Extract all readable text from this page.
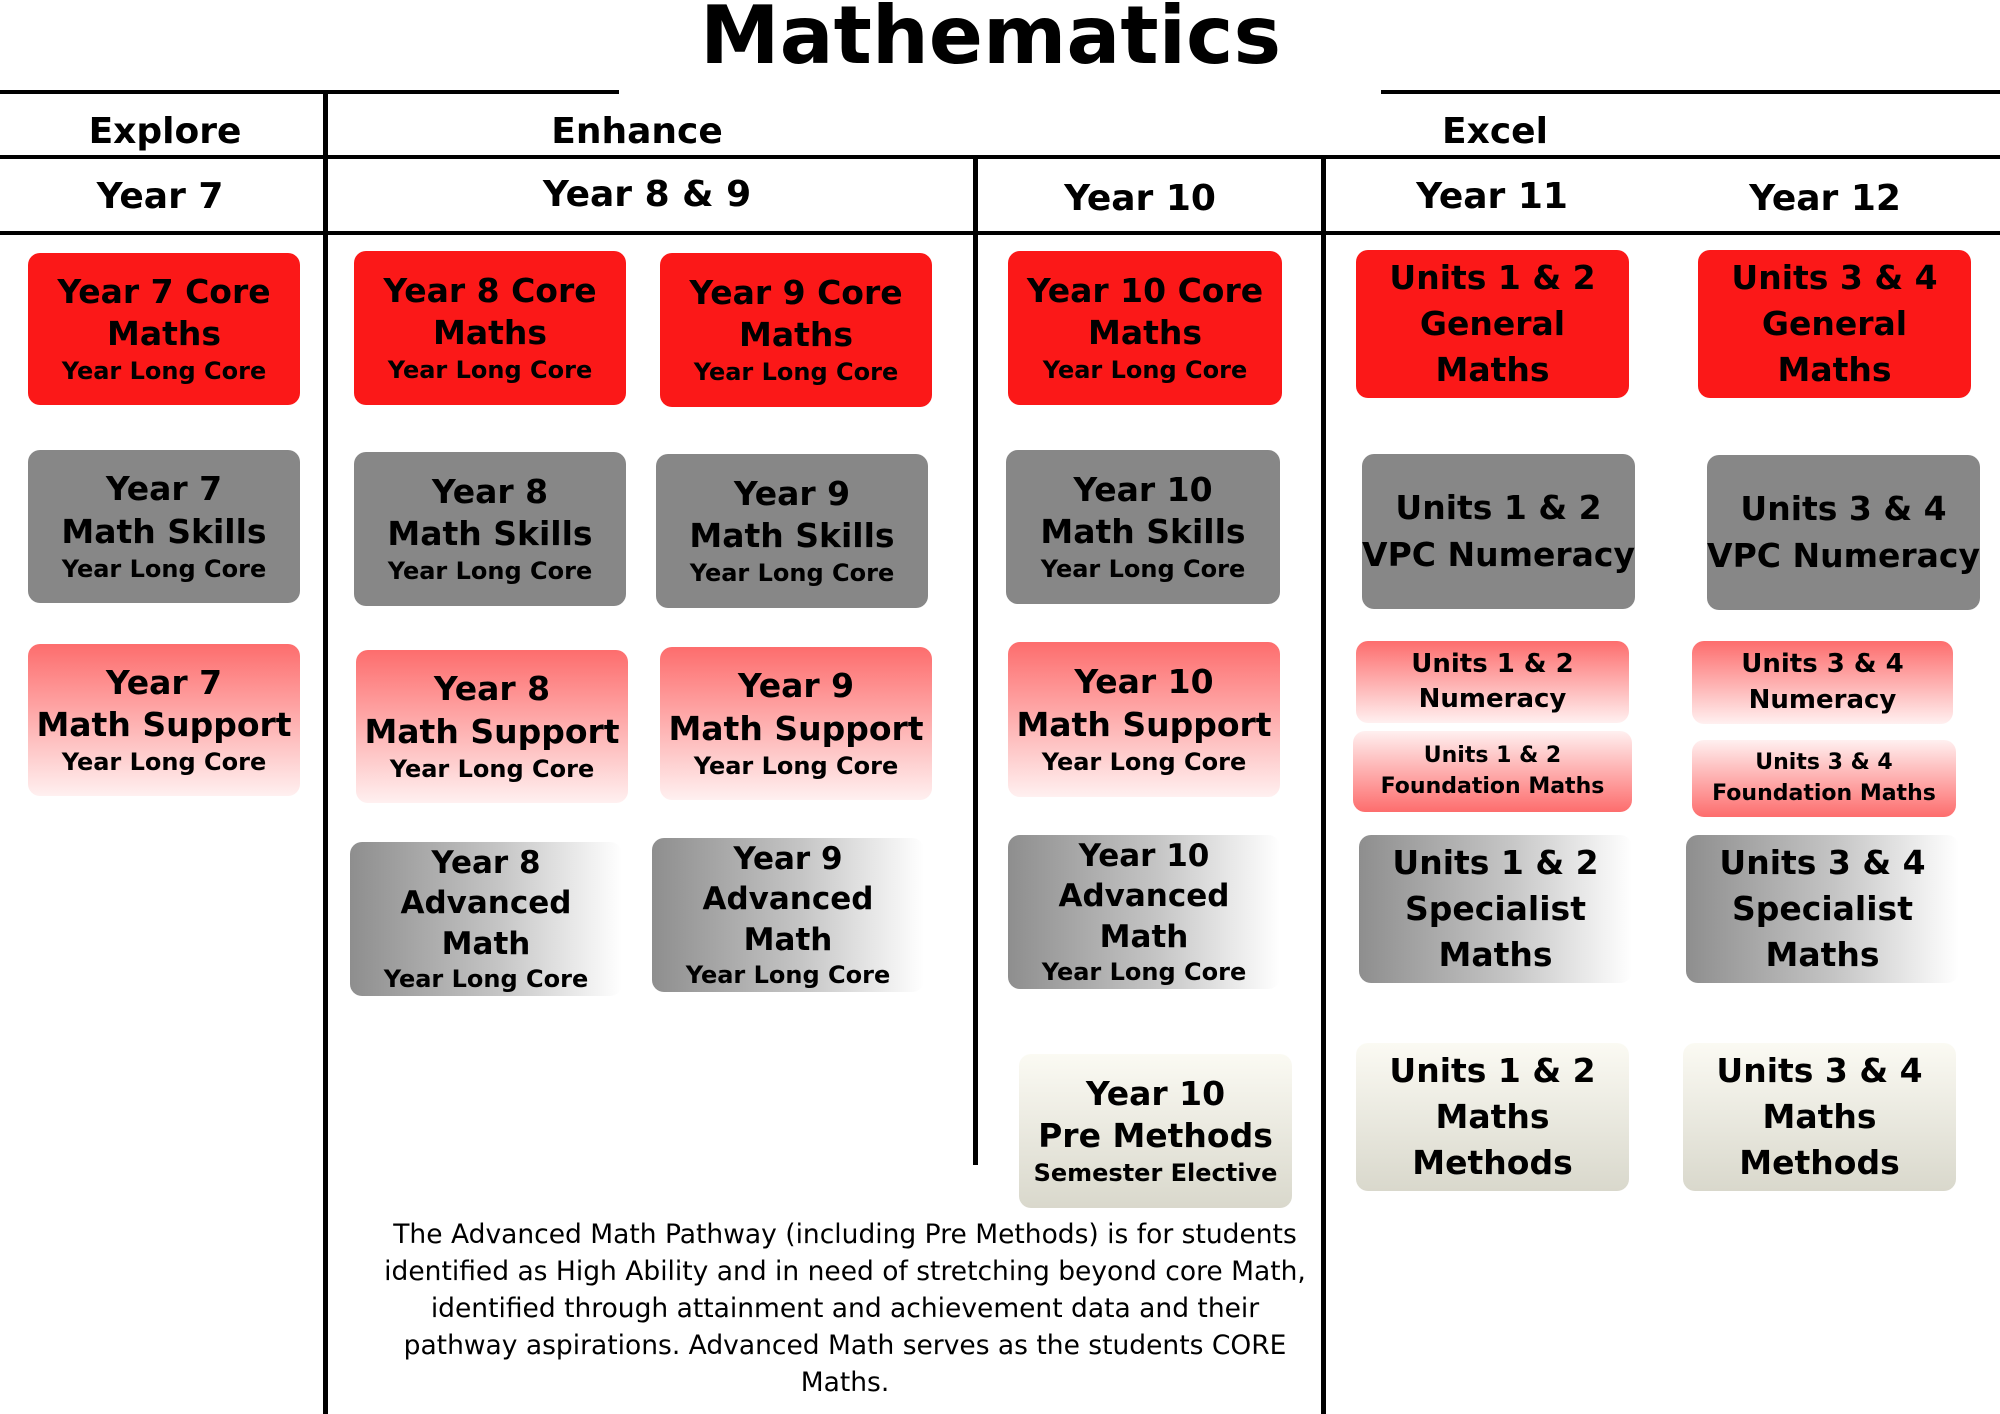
Mathematics
Explore	Enhance	Excel
Year 7	Year 8 & 9	Year 10	Year 11	Year 12
Year 7 Core
Maths
Year Long Core
Year 7
Math Skills
Year Long Core
Year 7
Math Support
Year Long Core
Year 8 Core
Maths
Year Long Core
Year 8
Math Skills
Year Long Core
Year 8
Math Support
Year Long Core
Year 8
Advanced
Math
Year Long Core
Year 9 Core
Maths
Year Long Core
Year 9
Math Skills
Year Long Core
Year 9
Math Support
Year Long Core
Year 9
Advanced
Math
Year Long Core
Year 10 Core
Maths
Year Long Core
Year 10
Math Skills
Year Long Core
Year 10
Math Support
Year Long Core
Year 10
Advanced
Math
Year Long Core
Year 10
Pre Methods
Semester Elective
Units 1 & 2
General
Maths
Units 1 & 2
VPC Numeracy
Units 1 & 2
Numeracy
Units 1 & 2
Foundation Maths
Units 1 & 2
Specialist
Maths
Units 1 & 2
Maths
Methods
Units 3 & 4
General
Maths
Units 3 & 4
VPC Numeracy
Units 3 & 4
Numeracy
Units 3 & 4
Foundation Maths
Units 3 & 4
Specialist
Maths
Units 3 & 4
Maths
Methods
The Advanced Math Pathway (including Pre Methods) is for students identified as High Ability and in need of stretching beyond core Math, identified through attainment and achievement data and their pathway aspirations. Advanced Math serves as the students CORE Maths.
